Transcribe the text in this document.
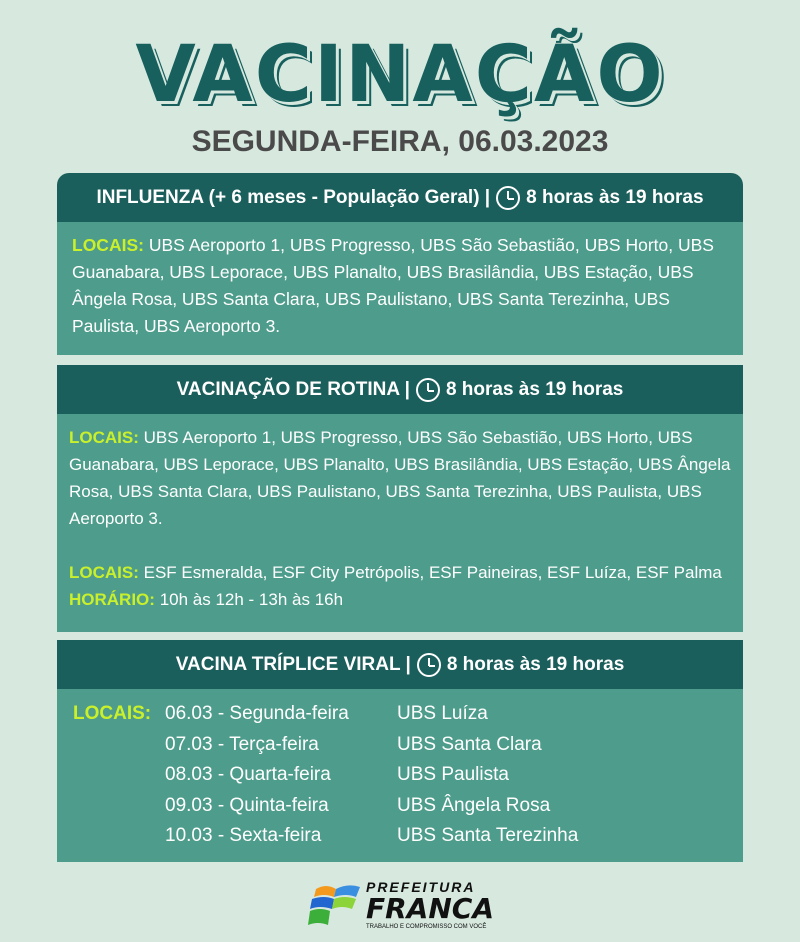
VACINAÇÃO
SEGUNDA-FEIRA, 06.03.2023
INFLUENZA (+ 6 meses - População Geral) | 8 horas às 19 horas
LOCAIS: UBS Aeroporto 1, UBS Progresso, UBS São Sebastião, UBS Horto, UBS Guanabara, UBS Leporace, UBS Planalto, UBS Brasilândia, UBS Estação, UBS Ângela Rosa, UBS Santa Clara, UBS Paulistano, UBS Santa Terezinha, UBS Paulista, UBS Aeroporto 3.
VACINAÇÃO DE ROTINA | 8 horas às 19 horas
LOCAIS: UBS Aeroporto 1, UBS Progresso, UBS São Sebastião, UBS Horto, UBS Guanabara, UBS Leporace, UBS Planalto, UBS Brasilândia, UBS Estação, UBS Ângela Rosa, UBS Santa Clara, UBS Paulistano, UBS Santa Terezinha, UBS Paulista, UBS Aeroporto 3.
LOCAIS: ESF Esmeralda, ESF City Petrópolis, ESF Paineiras, ESF Luíza, ESF Palma
HORÁRIO: 10h às 12h - 13h às 16h
VACINA TRÍPLICE VIRAL | 8 horas às 19 horas
LOCAIS: 06.03 - Segunda-feira	UBS Luíza
07.03 - Terça-feira	UBS Santa Clara
08.03 - Quarta-feira	UBS Paulista
09.03 - Quinta-feira	UBS Ângela Rosa
10.03 - Sexta-feira	UBS Santa Terezinha
PREFEITURA
FRANCA
TRABALHO E COMPROMISSO COM VOCÊ
